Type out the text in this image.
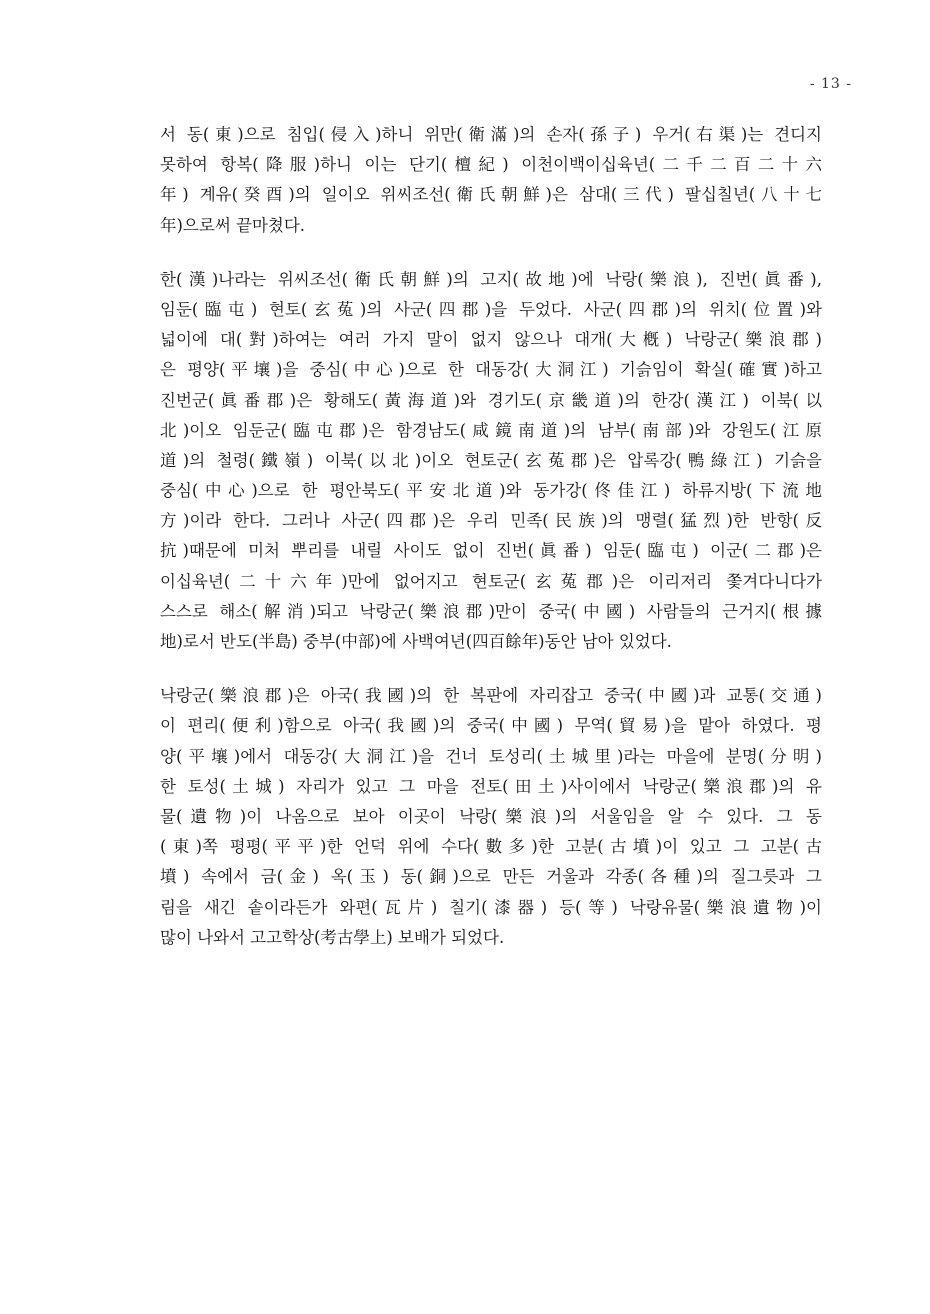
- 13 -
서 동(東)으로 침입(侵入)하니 위만(衛滿)의 손자(孫子) 우거(右渠)는 견디지
못하여 항복(降服)하니 이는 단기(檀紀) 이천이백이십육년(二千二百二十六
年) 계유(癸酉)의 일이오 위씨조선(衛氏朝鮮)은 삼대(三代) 팔십칠년(八十七
年)으로써 끝마쳤다.
한(漢)나라는 위씨조선(衛氏朝鮮)의 고지(故地)에 낙랑(樂浪), 진번(眞番),
임둔(臨屯) 현토(玄菟)의 사군(四郡)을 두었다. 사군(四郡)의 위치(位置)와
넓이에 대(對)하여는 여러 가지 말이 없지 않으나 대개(大槪) 낙랑군(樂浪郡)
은 평양(平壤)을 중심(中心)으로 한 대동강(大洞江) 기슭임이 확실(確實)하고
진번군(眞番郡)은 황해도(黃海道)와 경기도(京畿道)의 한강(漢江) 이북(以
北)이오 임둔군(臨屯郡)은 함경남도(咸鏡南道)의 남부(南部)와 강원도(江原
道)의 철령(鐵嶺) 이북(以北)이오 현토군(玄菟郡)은 압록강(鴨綠江) 기슭을
중심(中心)으로 한 평안북도(平安北道)와 동가강(佟佳江) 하류지방(下流地
方)이라 한다. 그러나 사군(四郡)은 우리 민족(民族)의 맹렬(猛烈)한 반항(反
抗)때문에 미처 뿌리를 내릴 사이도 없이 진번(眞番) 임둔(臨屯) 이군(二郡)은
이십육년(二十六年)만에 없어지고 현토군(玄菟郡)은 이리저리 쫓겨다니다가
스스로 해소(解消)되고 낙랑군(樂浪郡)만이 중국(中國) 사람들의 근거지(根據
地)로서 반도(半島) 중부(中部)에 사백여년(四百餘年)동안 남아 있었다.
낙랑군(樂浪郡)은 아국(我國)의 한 복판에 자리잡고 중국(中國)과 교통(交通)
이 편리(便利)함으로 아국(我國)의 중국(中國) 무역(貿易)을 맡아 하였다. 평
양(平壤)에서 대동강(大洞江)을 건너 토성리(土城里)라는 마을에 분명(分明)
한 토성(土城) 자리가 있고 그 마을 전토(田土)사이에서 낙랑군(樂浪郡)의 유
물(遺物)이 나옴으로 보아 이곳이 낙랑(樂浪)의 서울임을 알 수 있다. 그 동
(東)쪽 평평(平平)한 언덕 위에 수다(數多)한 고분(古墳)이 있고 그 고분(古
墳) 속에서 금(金) 옥(玉) 동(銅)으로 만든 거울과 각종(各種)의 질그릇과 그
림을 새긴 솥이라든가 와편(瓦片) 칠기(漆器) 등(等) 낙랑유물(樂浪遺物)이
많이 나와서 고고학상(考古學上) 보배가 되었다.
